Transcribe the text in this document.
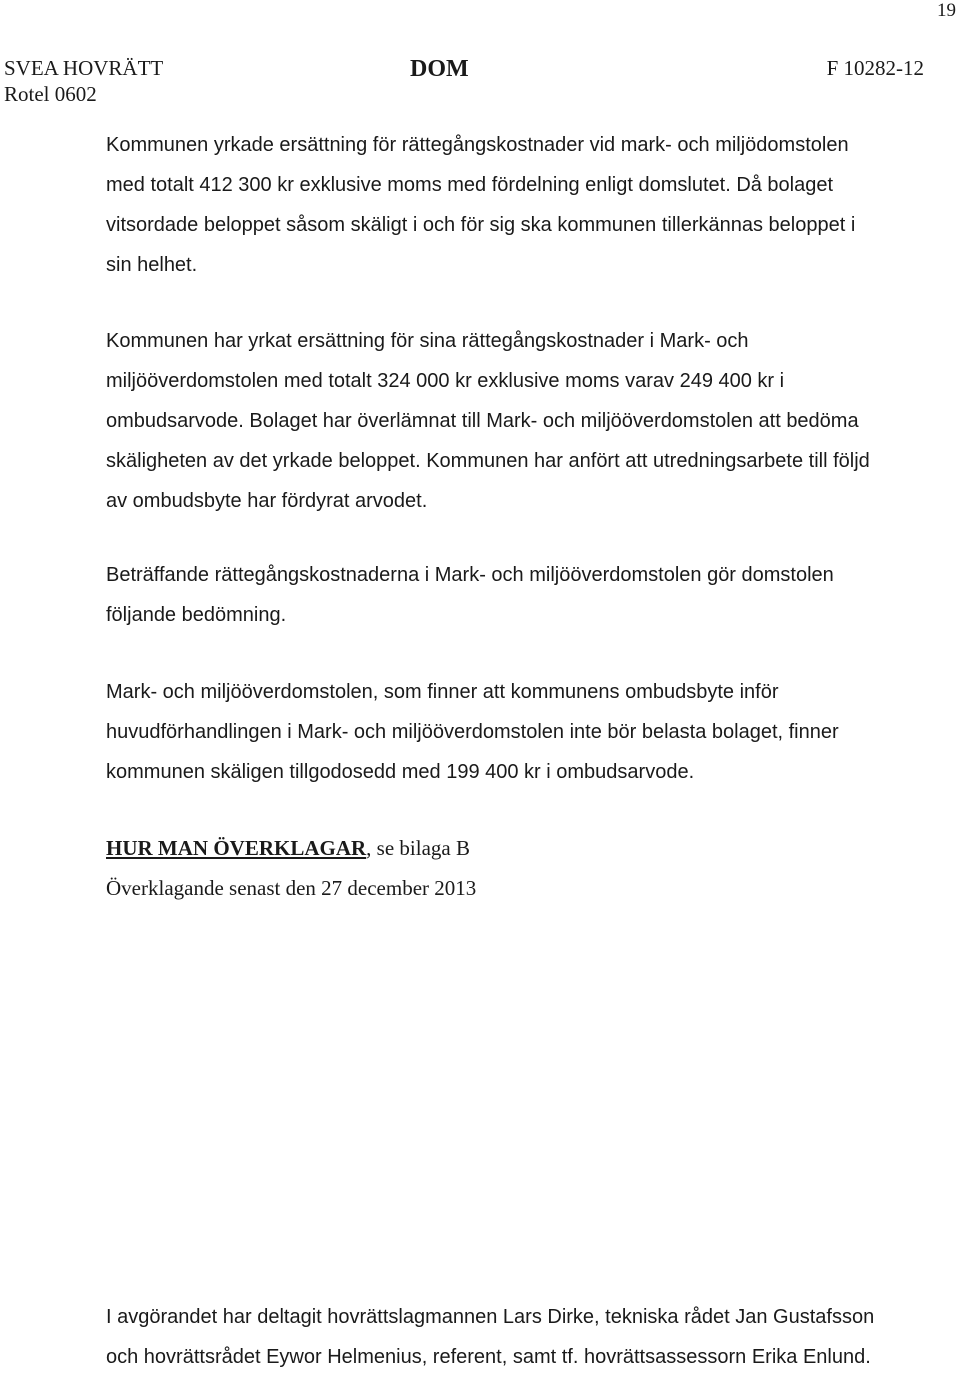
19
SVEA HOVRÄTT
Rotel 0602
DOM	F 10282-12
Kommunen yrkade ersättning för rättegångskostnader vid mark- och miljödomstolen
med totalt 412 300 kr exklusive moms med fördelning enligt domslutet. Då bolaget
vitsordade beloppet såsom skäligt i och för sig ska kommunen tillerkännas beloppet i
sin helhet.
Kommunen har yrkat ersättning för sina rättegångskostnader i Mark- och
miljööverdomstolen med totalt 324 000 kr exklusive moms varav 249 400 kr i
ombudsarvode. Bolaget har överlämnat till Mark- och miljööverdomstolen att bedöma
skäligheten av det yrkade beloppet. Kommunen har anfört att utredningsarbete till följd
av ombudsbyte har fördyrat arvodet.
Beträffande rättegångskostnaderna i Mark- och miljööverdomstolen gör domstolen
följande bedömning.
Mark- och miljööverdomstolen, som finner att kommunens ombudsbyte inför
huvudförhandlingen i Mark- och miljööverdomstolen inte bör belasta bolaget, finner
kommunen skäligen tillgodosedd med 199 400 kr i ombudsarvode.
HUR MAN ÖVERKLAGAR, se bilaga B
Överklagande senast den 27 december 2013
I avgörandet har deltagit hovrättslagmannen Lars Dirke, tekniska rådet Jan Gustafsson
och hovrättsrådet Eywor Helmenius, referent, samt tf. hovrättsassessorn Erika Enlund.
